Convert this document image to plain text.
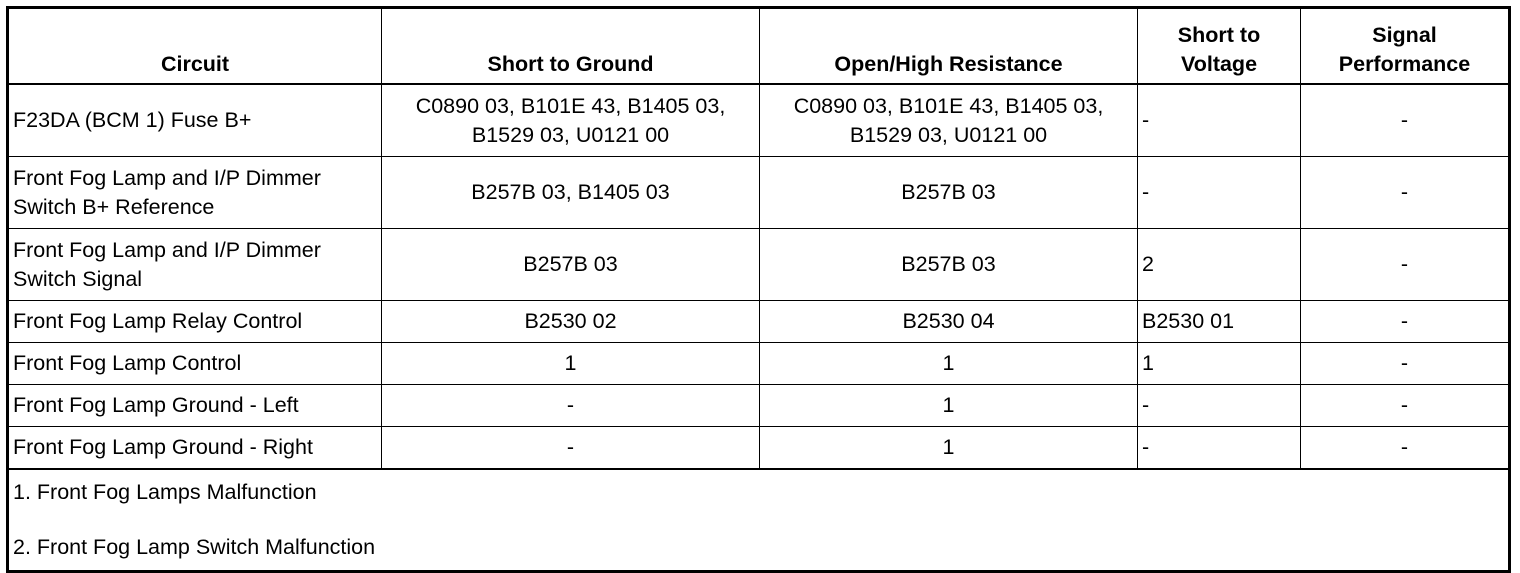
Circuit	Short to Ground	Open/High Resistance	Short to Voltage	Signal Performance
F23DA (BCM 1) Fuse B+	C0890 03, B101E 43, B1405 03, B1529 03, U0121 00	C0890 03, B101E 43, B1405 03, B1529 03, U0121 00	-	-
Front Fog Lamp and I/P Dimmer Switch B+ Reference	B257B 03, B1405 03	B257B 03	-	-
Front Fog Lamp and I/P Dimmer Switch Signal	B257B 03	B257B 03	2	-
Front Fog Lamp Relay Control	B2530 02	B2530 04	B2530 01	-
Front Fog Lamp Control	1	1	1	-
Front Fog Lamp Ground - Left	-	1	-	-
Front Fog Lamp Ground - Right	-	1	-	-

1. Front Fog Lamps Malfunction
2. Front Fog Lamp Switch Malfunction				
